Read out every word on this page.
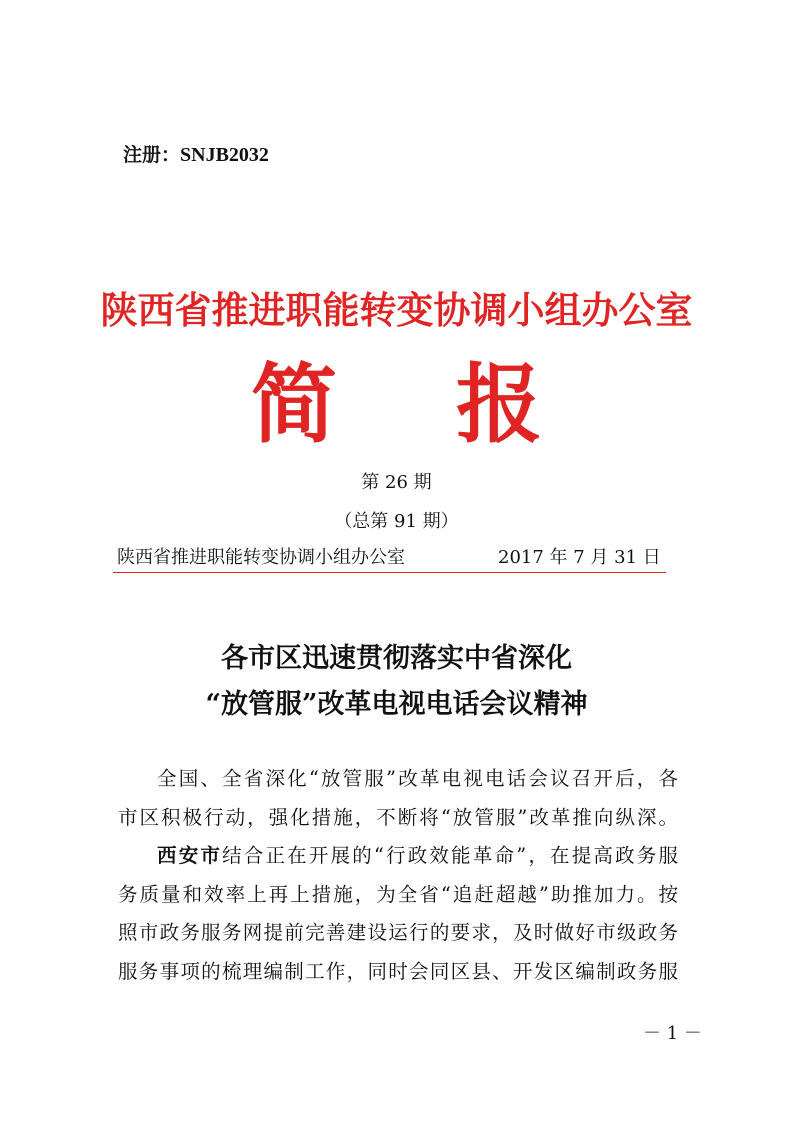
注册：SNJB2032
陕西省推进职能转变协调小组办公室
简 报
第 26 期
（总第 91 期）
陕西省推进职能转变协调小组办公室	2017 年 7 月 31 日
各市区迅速贯彻落实中省深化
“放管服”改革电视电话会议精神
全国、全省深化“放管服”改革电视电话会议召开后，各
市区积极行动，强化措施，不断将“放管服”改革推向纵深。
西安市结合正在开展的“行政效能革命”，在提高政务服
务质量和效率上再上措施，为全省“追赶超越”助推加力。按
照市政务服务网提前完善建设运行的要求，及时做好市级政务
服务事项的梳理编制工作，同时会同区县、开发区编制政务服
－ 1 －
